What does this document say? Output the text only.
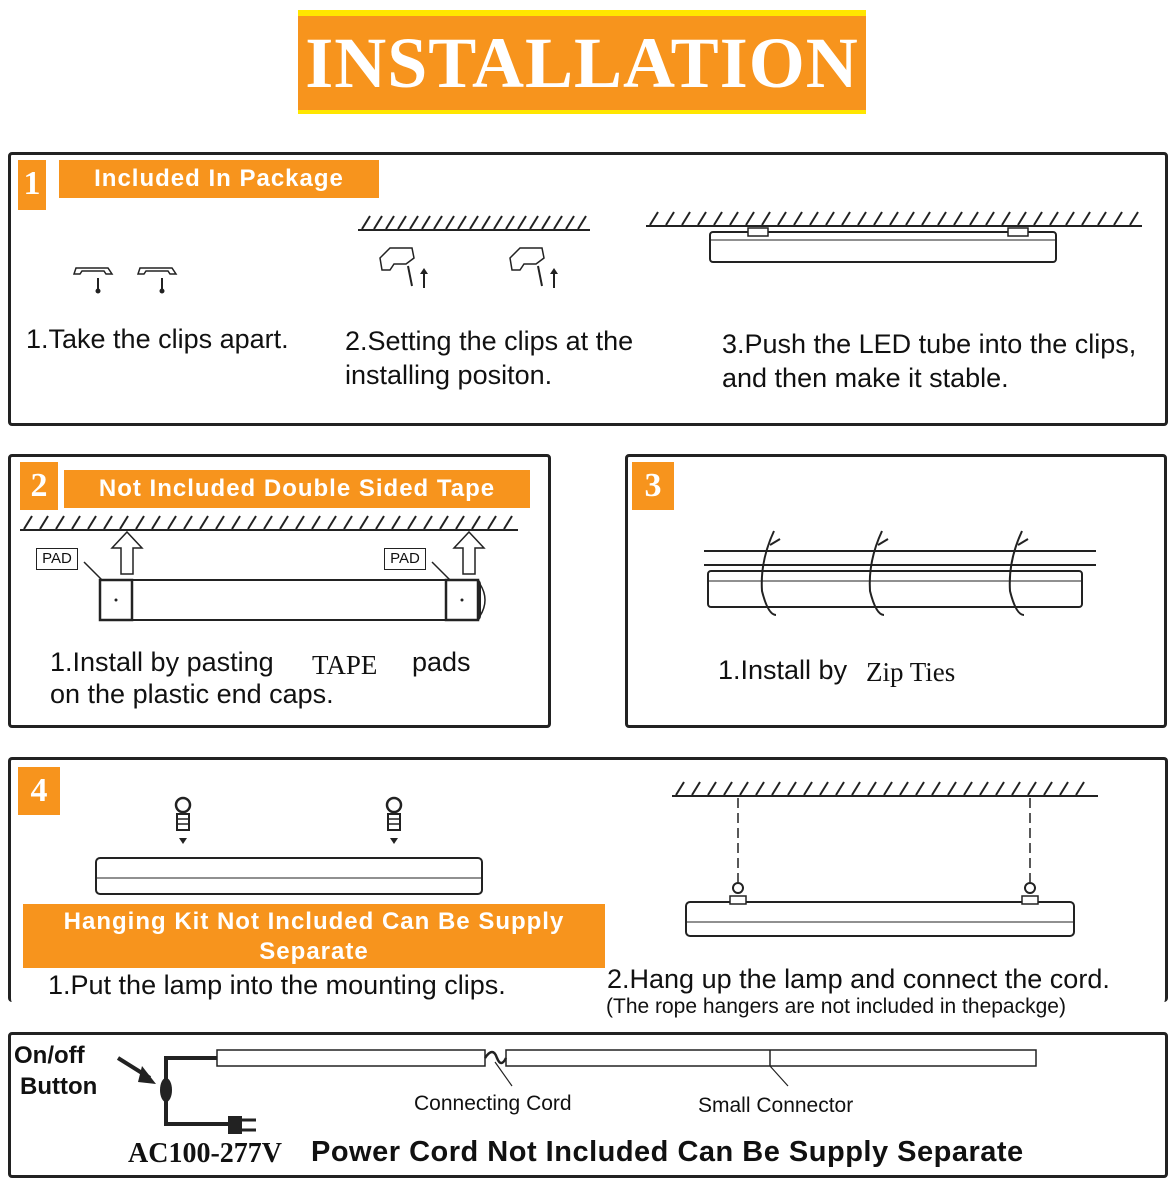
INSTALLATION
1	Included In Package
1.Take the clips apart. 2.Setting the clips at the
installing positon.
3.Push the LED tube into the clips,
and then make it stable.
2	Not Included Double Sided Tape
PAD	PAD
1.Install by pasting TAPE pads
on the plastic end caps.
3
1.Install by Zip Ties
4
Hanging Kit Not Included Can Be Supply
Separate
1.Put the lamp into the mounting clips.	2.Hang up the lamp and connect the cord.
(The rope hangers are not included in thepackge)
On/off
Button
Connecting Cord	Small Connector
AC100-277V Power Cord Not Included Can Be Supply Separate
